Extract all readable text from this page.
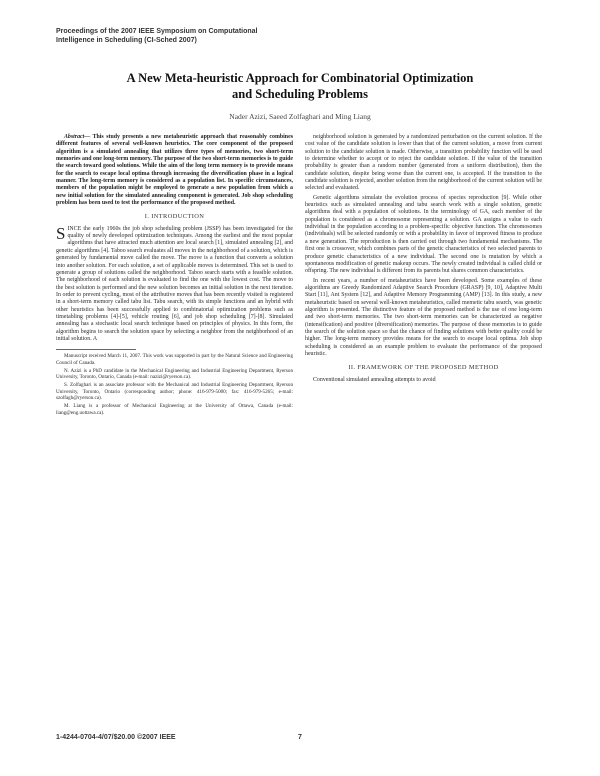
Proceedings of the 2007 IEEE Symposium on Computational
Intelligence in Scheduling (CI-Sched 2007)
A New Meta-heuristic Approach for Combinatorial Optimization
and Scheduling Problems
Nader Azizi, Saeed Zolfaghari and Ming Liang

Abstract— This study presents a new metaheuristic approach that reasonably combines different features of several well-known heuristics. The core component of the proposed algorithm is a simulated annealing that utilizes three types of memories, two short-term memories and one long-term memory. The purpose of the two short-term memories is to guide the search toward good solutions. While the aim of the long term memory is to provide means for the search to escape local optima through increasing the diversification phase in a logical manner. The long-term memory is considered as a population list. In specific circumstances, members of the population might be employed to generate a new population from which a new initial solution for the simulated annealing component is generated. Job shop scheduling problem has been used to test the performance of the proposed method.

I. INTRODUCTION

SINCE the early 1960s the job shop scheduling problem (JSSP) has been investigated for the quality of newly developed optimization techniques. Among the earliest and the most popular algorithms that have attracted much attention are local search [1], simulated annealing [2], and genetic algorithms [4]. Taboo search evaluates all moves in the neighborhood of a solution, which is generated by fundamental move called the move. The move is a function that converts a solution into another solution. For each solution, a set of applicable moves is determined. This set is used to generate a group of solutions called the neighborhood. Taboo search starts with a feasible solution. The neighborhood of each solution is evaluated to find the one with the lowest cost. The move to the best solution is performed and the new solution becomes an initial solution in the next iteration. In order to prevent cycling, most of the attributive moves that has been recently visited is registered in a short-term memory called tabu list. Tabu search, with its simple functions and an hybrid with other heuristics has been successfully applied to combinatorial optimization problems such as timetabling problems [4]-[5], vehicle routing [6], and job shop scheduling [7]-[8]. Simulated annealing has a stochastic local search technique based on principles of physics. In this form, the algorithm begins to search the solution space by selecting a neighbor from the neighborhood of an initial solution. A

Manuscript received March 11, 2007. This work was supported in part by the Natural Science and Engineering Council of Canada.

N. Azizi is a PhD candidate in the Mechanical Engineering and Industrial Engineering Department, Ryerson University, Toronto, Ontario, Canada (e-mail: nazizi@ryerson.ca).

S. Zolfaghari is an associate professor with the Mechanical and Industrial Engineering Department, Ryerson University, Toronto, Ontario (corresponding author; phone: 416-979-5000; fax: 416-979-5265; e-mail: szolfagh@ryerson.ca).

M. Liang is a professor of Mechanical Engineering at the University of Ottawa, Canada (e-mail: liang@eng.uottawa.ca).

neighborhood solution is generated by a randomized perturbation on the current solution. If the cost value of the candidate solution is lower than that of the current solution, a move from current solution to the candidate solution is made. Otherwise, a transition probability function will be used to determine whether to accept or to reject the candidate solution. If the value of the transition probability is greater than a random number (generated from a uniform distribution), then the candidate solution, despite being worse than the current one, is accepted. If the transition to the candidate solution is rejected, another solution from the neighborhood of the current solution will be selected and evaluated.

Genetic algorithms simulate the evolution process of species reproduction [9]. While other heuristics such as simulated annealing and tabu search work with a single solution, genetic algorithms deal with a population of solutions. In the terminology of GA, each member of the population is considered as a chromosome representing a solution. GA assigns a value to each individual in the population according to a problem-specific objective function. The chromosomes (individuals) will be selected randomly or with a probability in favor of improved fitness to produce a new generation. The reproduction is then carried out through two fundamental mechanisms. The first one is crossover, which combines parts of the genetic characteristics of two selected parents to produce genetic characteristics of a new individual. The second one is mutation by which a spontaneous modification of genetic makeup occurs. The newly created individual is called child or offspring. The new individual is different from its parents but shares common characteristics.

In recent years, a number of metaheuristics have been developed. Some examples of these algorithms are Greedy Randomized Adaptive Search Procedure (GRASP) [9, 10], Adaptive Multi Start [11], Ant System [12], and Adaptive Memory Programming (AMP) [13]. In this study, a new metaheuristic based on several well-known metaheuristics, called memetic tabu search, was genetic algorithm is presented. The distinctive feature of the proposed method is the use of one long-term and two short-term memories. The two short-term memories can be characterized as negative (intensification) and positive (diversification) memories. The purpose of these memories is to guide the search of the solution space so that the chance of finding solutions with better quality could be higher. The long-term memory provides means for the search to escape local optima. Job shop scheduling is considered as an example problem to evaluate the performance of the proposed heuristic.

II. FRAMEWORK OF THE PROPOSED METHOD

Conventional simulated annealing attempts to avoid

1-4244-0704-4/07/$20.00 ©2007 IEEE	7
